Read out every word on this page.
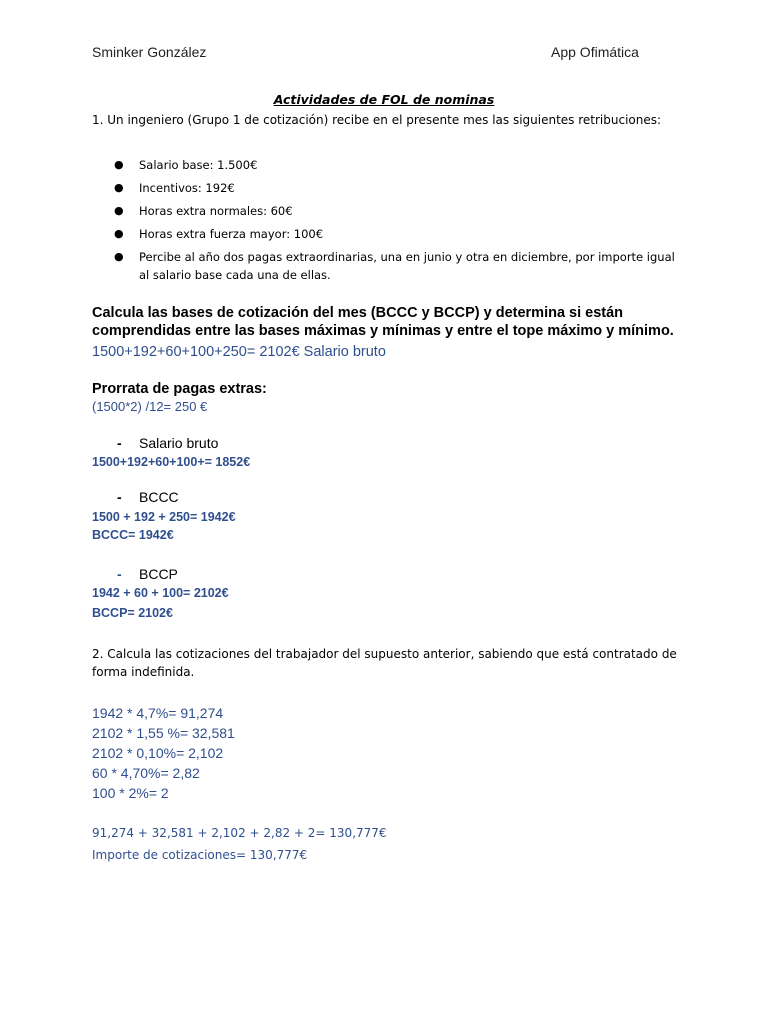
Sminker González	App Ofimática
Actividades de FOL de nominas
1. Un ingeniero (Grupo 1 de cotización) recibe en el presente mes las siguientes retribuciones:
● Salario base: 1.500€
● Incentivos: 192€
● Horas extra normales: 60€
● Horas extra fuerza mayor: 100€
● Percibe al año dos pagas extraordinarias, una en junio y otra en diciembre, por importe igual al salario base cada una de ellas.
Calcula las bases de cotización del mes (BCCC y BCCP) y determina si están
comprendidas entre las bases máximas y mínimas y entre el tope máximo y mínimo.
1500+192+60+100+250= 2102€ Salario bruto
Prorrata de pagas extras:
(1500*2) /12= 250 €
- Salario bruto
1500+192+60+100+= 1852€
- BCCC
1500 + 192 + 250= 1942€
BCCC= 1942€
- BCCP
1942 + 60 + 100= 2102€
BCCP= 2102€
2. Calcula las cotizaciones del trabajador del supuesto anterior, sabiendo que está contratado de forma indefinida.
1942 * 4,7%= 91,274
2102 * 1,55 %= 32,581
2102 * 0,10%= 2,102
60 * 4,70%= 2,82
100 * 2%= 2
91,274 + 32,581 + 2,102 + 2,82 + 2= 130,777€
Importe de cotizaciones= 130,777€
